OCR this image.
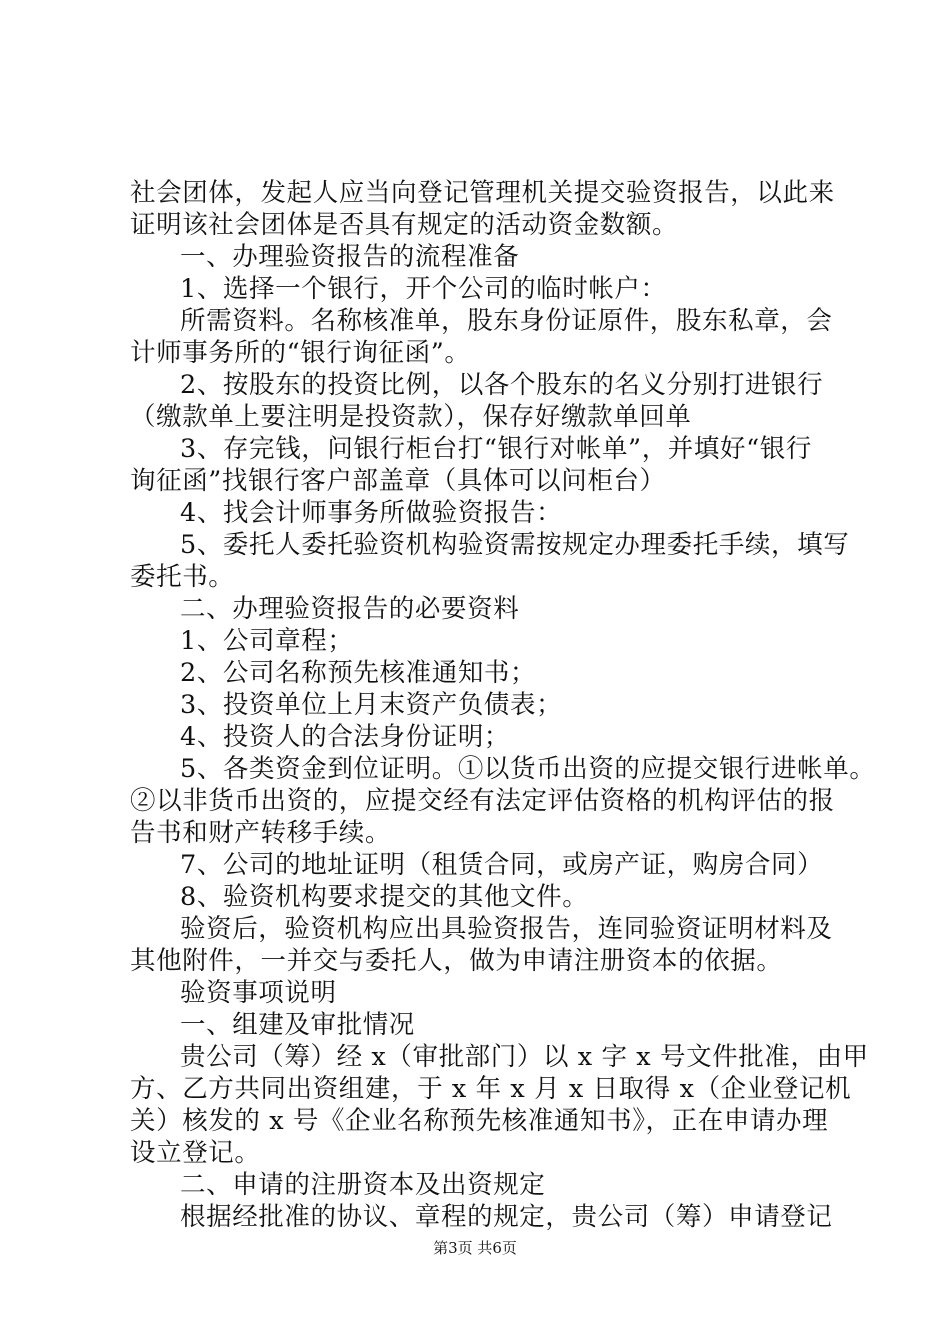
社会团体，发起人应当向登记管理机关提交验资报告，以此来
证明该社会团体是否具有规定的活动资金数额。
一、办理验资报告的流程准备
1、选择一个银行，开个公司的临时帐户：
所需资料。名称核准单，股东身份证原件，股东私章，会
计师事务所的“银行询征函”。
2、按股东的投资比例，以各个股东的名义分别打进银行
（缴款单上要注明是投资款），保存好缴款单回单
3、存完钱，问银行柜台打“银行对帐单”，并填好“银行
询征函”找银行客户部盖章（具体可以问柜台）
4、找会计师事务所做验资报告：
5、委托人委托验资机构验资需按规定办理委托手续，填写
委托书。
二、办理验资报告的必要资料
1、公司章程；
2、公司名称预先核准通知书；
3、投资单位上月末资产负债表；
4、投资人的合法身份证明；
5、各类资金到位证明。①以货币出资的应提交银行进帐单。
②以非货币出资的，应提交经有法定评估资格的机构评估的报
告书和财产转移手续。
7、公司的地址证明（租赁合同，或房产证，购房合同）
8、验资机构要求提交的其他文件。
验资后，验资机构应出具验资报告，连同验资证明材料及
其他附件，一并交与委托人，做为申请注册资本的依据。
验资事项说明
一、组建及审批情况
贵公司（筹）经 x（审批部门）以 x 字 x 号文件批准，由甲
方、乙方共同出资组建，于 x 年 x 月 x 日取得 x（企业登记机
关）核发的 x 号《企业名称预先核准通知书》，正在申请办理
设立登记。
二、申请的注册资本及出资规定
根据经批准的协议、章程的规定，贵公司（筹）申请登记
第3页 共6页
